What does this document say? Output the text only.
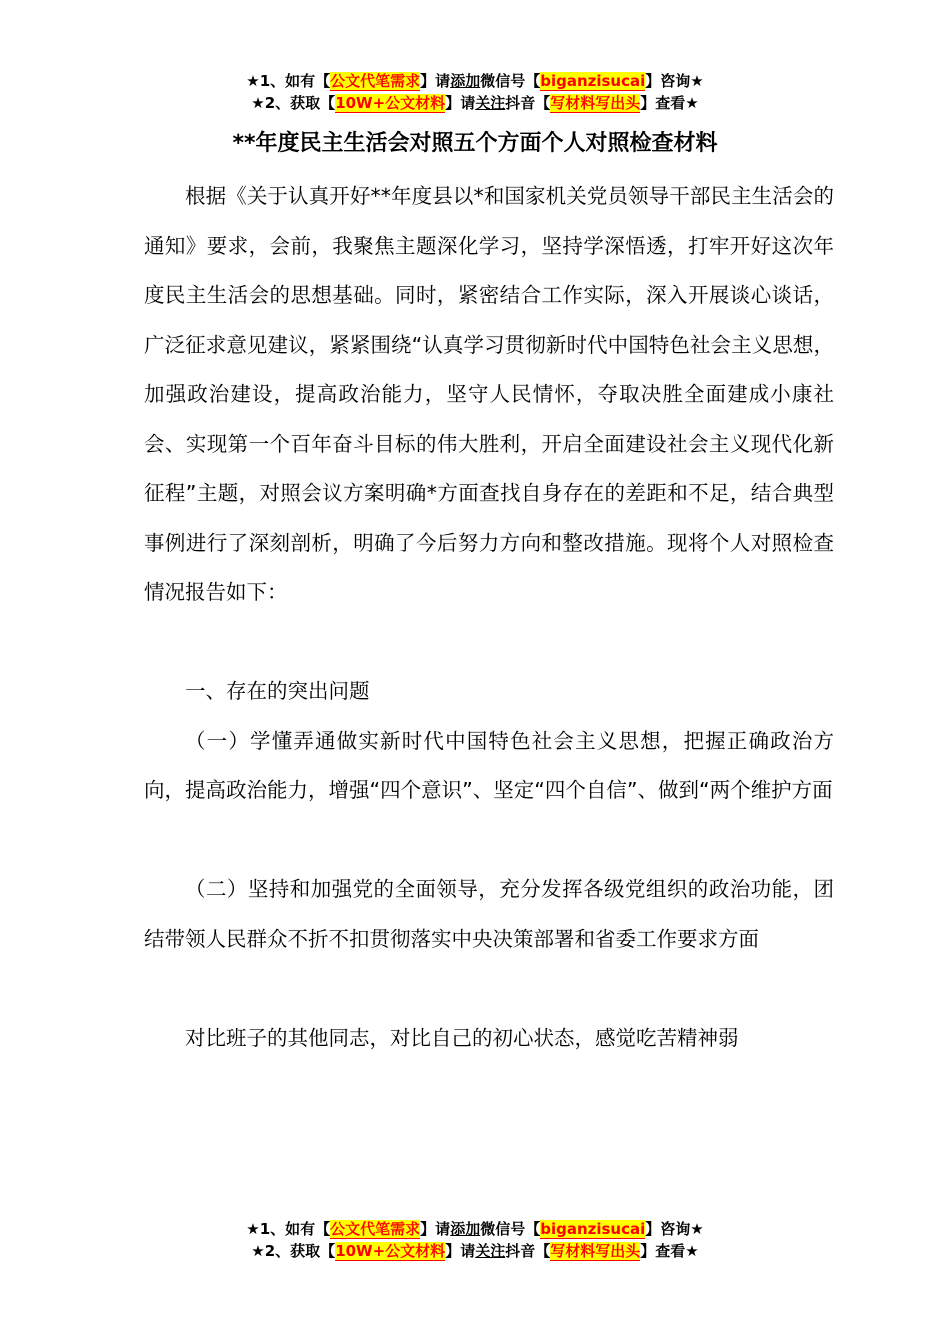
★1、如有【公文代笔需求】请添加微信号【biganzisucai】咨询★
★2、获取【10W+公文材料】请关注抖音【写材料写出头】查看★
**年度民主生活会对照五个方面个人对照检查材料

根据《关于认真开好**年度县以*和国家机关党员领导干部民主生活会的通知》要求，会前，我聚焦主题深化学习，坚持学深悟透，打牢开好这次年度民主生活会的思想基础。同时，紧密结合工作实际，深入开展谈心谈话，广泛征求意见建议，紧紧围绕“认真学习贯彻新时代中国特色社会主义思想，加强政治建设，提高政治能力，坚守人民情怀，夺取决胜全面建成小康社会、实现第一个百年奋斗目标的伟大胜利，开启全面建设社会主义现代化新征程”主题，对照会议方案明确*方面查找自身存在的差距和不足，结合典型事例进行了深刻剖析，明确了今后努力方向和整改措施。现将个人对照检查情况报告如下：

一、存在的突出问题

（一）学懂弄通做实新时代中国特色社会主义思想，把握正确政治方向，提高政治能力，增强“四个意识”、坚定“四个自信”、做到“两个维护方面

（二）坚持和加强党的全面领导，充分发挥各级党组织的政治功能，团结带领人民群众不折不扣贯彻落实中央决策部署和省委工作要求方面

对比班子的其他同志，对比自己的初心状态，感觉吃苦精神弱

★1、如有【公文代笔需求】请添加微信号【biganzisucai】咨询★
★2、获取【10W+公文材料】请关注抖音【写材料写出头】查看★
